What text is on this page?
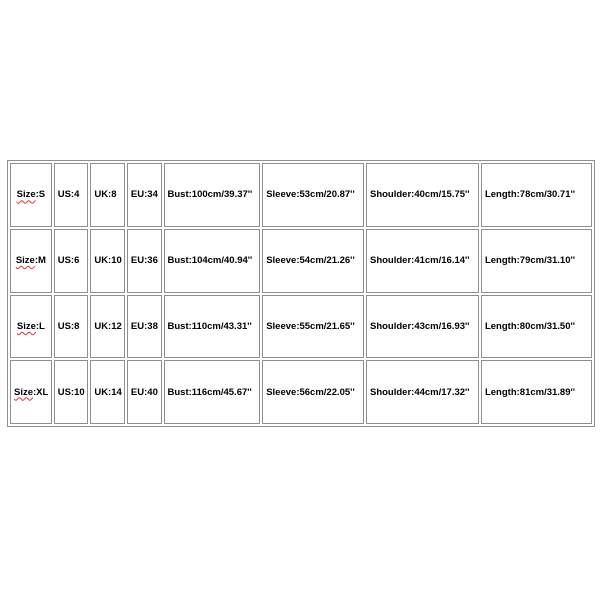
Size:S	US:4	UK:8	EU:34	Bust:100cm/39.37''	Sleeve:53cm/20.87''	Shoulder:40cm/15.75''	Length:78cm/30.71''
Size:M	US:6	UK:10	EU:36	Bust:104cm/40.94''	Sleeve:54cm/21.26''	Shoulder:41cm/16.14''	Length:79cm/31.10''
Size:L	US:8	UK:12	EU:38	Bust:110cm/43.31''	Sleeve:55cm/21.65''	Shoulder:43cm/16.93''	Length:80cm/31.50''
Size:XL	US:10	UK:14	EU:40	Bust:116cm/45.67''	Sleeve:56cm/22.05''	Shoulder:44cm/17.32''	Length:81cm/31.89''
